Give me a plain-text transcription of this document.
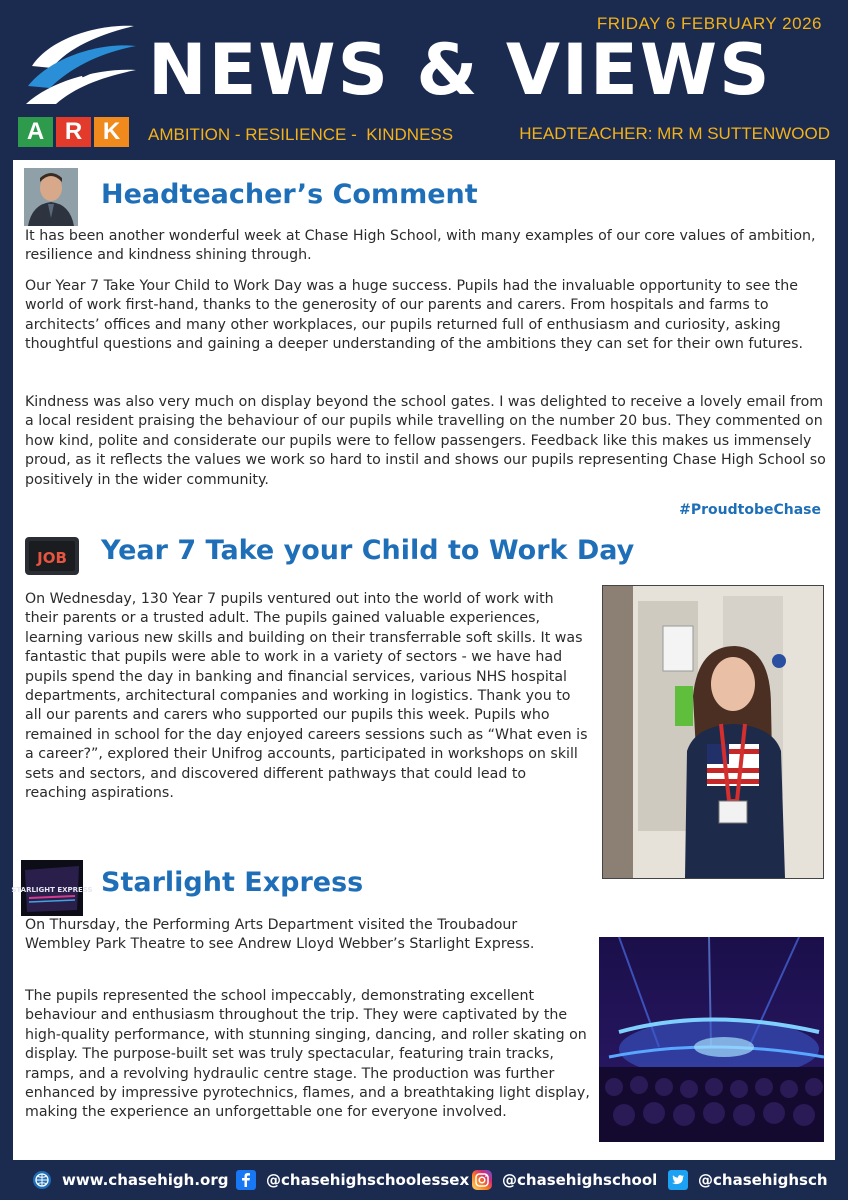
A R K
FRIDAY 6 FEBRUARY 2026
NEWS & VIEWS
AMBITION - RESILIENCE -  KINDNESS	HEADTEACHER: MR M SUTTENWOOD
Headteacher’s Comment

It has been another wonderful week at Chase High School, with many examples of our core values of ambition, resilience and kindness shining through.

Our Year 7 Take Your Child to Work Day was a huge success. Pupils had the invaluable opportunity to see the world of work first-hand, thanks to the generosity of our parents and carers. From hospitals and farms to architects’ offices and many other workplaces, our pupils returned full of enthusiasm and curiosity, asking thoughtful questions and gaining a deeper understanding of the ambitions they can set for their own futures.

Kindness was also very much on display beyond the school gates. I was delighted to receive a lovely email from a local resident praising the behaviour of our pupils while travelling on the number 20 bus. They commented on how kind, polite and considerate our pupils were to fellow passengers. Feedback like this makes us immensely proud, as it reflects the values we work so hard to instil and shows our pupils representing Chase High School so positively in the wider community.

#ProudtobeChase
JOB Year 7 Take your Child to Work Day

On Wednesday, 130 Year 7 pupils ventured out into the world of work with their parents or a trusted adult. The pupils gained valuable experiences, learning various new skills and building on their transferrable soft skills. It was fantastic that pupils were able to work in a variety of sectors - we have had pupils spend the day in banking and financial services, various NHS hospital departments, architectural companies and working in logistics. Thank you to all our parents and carers who supported our pupils this week. Pupils who remained in school for the day enjoyed careers sessions such as “What even is a career?”, explored their Unifrog accounts, participated in workshops on skill sets and sectors, and discovered different pathways that could lead to reaching aspirations.

STARLIGHT EXPRESS Starlight Express

On Thursday, the Performing Arts Department visited the Troubadour Wembley Park Theatre to see Andrew Lloyd Webber’s Starlight Express.

The pupils represented the school impeccably, demonstrating excellent behaviour and enthusiasm throughout the trip. They were captivated by the high-quality performance, with stunning singing, dancing, and roller skating on display. The purpose-built set was truly spectacular, featuring train tracks, ramps, and a revolving hydraulic centre stage. The production was further enhanced by impressive pyrotechnics, flames, and a breathtaking light display, making the experience an unforgettable one for everyone involved.

www.chasehigh.org	@chasehighschoolessex @chasehighschool	@chasehighsch
